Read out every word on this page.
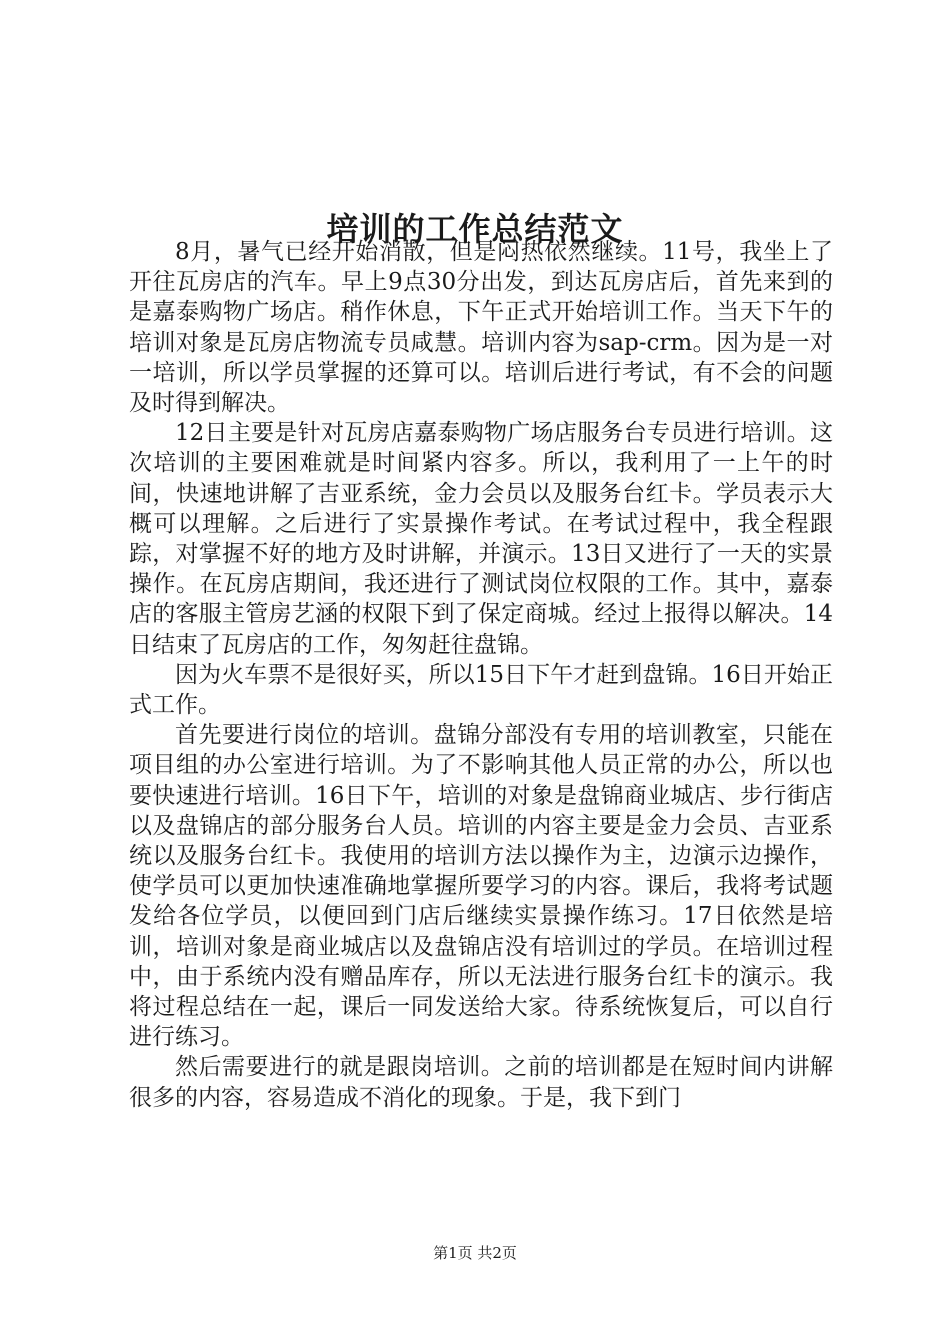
培训的工作总结范文

8月，暑气已经开始消散，但是闷热依然继续。11号，我坐上了开往瓦房店的汽车。早上9点30分出发，到达瓦房店后，首先来到的是嘉泰购物广场店。稍作休息，下午正式开始培训工作。当天下午的培训对象是瓦房店物流专员咸慧。培训内容为sap-crm。因为是一对一培训，所以学员掌握的还算可以。培训后进行考试，有不会的问题及时得到解决。

12日主要是针对瓦房店嘉泰购物广场店服务台专员进行培训。这次培训的主要困难就是时间紧内容多。所以，我利用了一上午的时间，快速地讲解了吉亚系统，金力会员以及服务台红卡。学员表示大概可以理解。之后进行了实景操作考试。在考试过程中，我全程跟踪，对掌握不好的地方及时讲解，并演示。13日又进行了一天的实景操作。在瓦房店期间，我还进行了测试岗位权限的工作。其中，嘉泰店的客服主管房艺涵的权限下到了保定商城。经过上报得以解决。14日结束了瓦房店的工作，匆匆赶往盘锦。

因为火车票不是很好买，所以15日下午才赶到盘锦。16日开始正式工作。

首先要进行岗位的培训。盘锦分部没有专用的培训教室，只能在项目组的办公室进行培训。为了不影响其他人员正常的办公，所以也要快速进行培训。16日下午，培训的对象是盘锦商业城店、步行街店以及盘锦店的部分服务台人员。培训的内容主要是金力会员、吉亚系统以及服务台红卡。我使用的培训方法以操作为主，边演示边操作，使学员可以更加快速准确地掌握所要学习的内容。课后，我将考试题发给各位学员，以便回到门店后继续实景操作练习。17日依然是培训，培训对象是商业城店以及盘锦店没有培训过的学员。在培训过程中，由于系统内没有赠品库存，所以无法进行服务台红卡的演示。我将过程总结在一起，课后一同发送给大家。待系统恢复后，可以自行进行练习。

然后需要进行的就是跟岗培训。之前的培训都是在短时间内讲解很多的内容，容易造成不消化的现象。于是，我下到门

第1页 共2页
